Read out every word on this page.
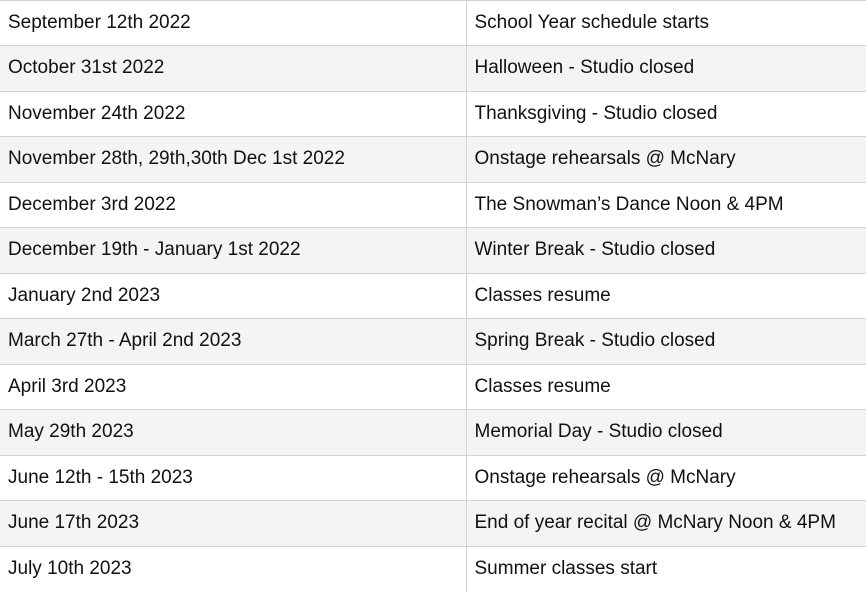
September 12th 2022	School Year schedule starts
October 31st 2022	Halloween - Studio closed
November 24th 2022	Thanksgiving - Studio closed
November 28th, 29th,30th Dec 1st 2022	Onstage rehearsals @ McNary
December 3rd 2022	The Snowman’s Dance Noon & 4PM
December 19th - January 1st 2022	Winter Break - Studio closed
January 2nd 2023	Classes resume
March 27th - April 2nd 2023	Spring Break - Studio closed
April 3rd 2023	Classes resume
May 29th 2023	Memorial Day - Studio closed
June 12th - 15th 2023	Onstage rehearsals @ McNary
June 17th 2023	End of year recital @ McNary Noon & 4PM
July 10th 2023	Summer classes start
